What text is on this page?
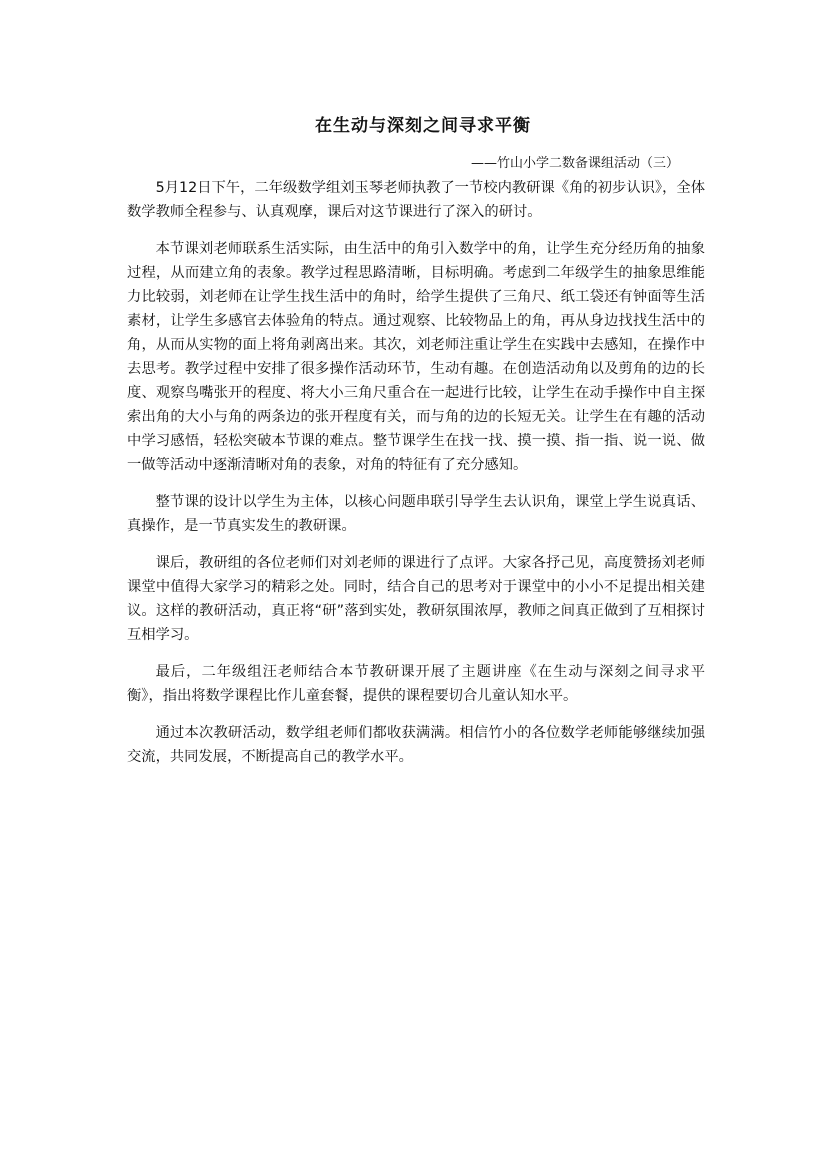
在生动与深刻之间寻求平衡
——竹山小学二数备课组活动（三）

5月12日下午，二年级数学组刘玉琴老师执教了一节校内教研课《角的初步认识》，全体数学教师全程参与、认真观摩，课后对这节课进行了深入的研讨。

本节课刘老师联系生活实际，由生活中的角引入数学中的角，让学生充分经历角的抽象过程，从而建立角的表象。教学过程思路清晰，目标明确。考虑到二年级学生的抽象思维能力比较弱，刘老师在让学生找生活中的角时，给学生提供了三角尺、纸工袋还有钟面等生活素材，让学生多感官去体验角的特点。通过观察、比较物品上的角，再从身边找找生活中的角，从而从实物的面上将角剥离出来。其次，刘老师注重让学生在实践中去感知，在操作中去思考。教学过程中安排了很多操作活动环节，生动有趣。在创造活动角以及剪角的边的长度、观察鸟嘴张开的程度、将大小三角尺重合在一起进行比较，让学生在动手操作中自主探索出角的大小与角的两条边的张开程度有关，而与角的边的长短无关。让学生在有趣的活动中学习感悟，轻松突破本节课的难点。整节课学生在找一找、摸一摸、指一指、说一说、做一做等活动中逐渐清晰对角的表象，对角的特征有了充分感知。

整节课的设计以学生为主体，以核心问题串联引导学生去认识角，课堂上学生说真话、真操作，是一节真实发生的教研课。

课后，教研组的各位老师们对刘老师的课进行了点评。大家各抒己见，高度赞扬刘老师课堂中值得大家学习的精彩之处。同时，结合自己的思考对于课堂中的小小不足提出相关建议。这样的教研活动，真正将“研”落到实处，教研氛围浓厚，教师之间真正做到了互相探讨互相学习。

最后，二年级组汪老师结合本节教研课开展了主题讲座《在生动与深刻之间寻求平衡》，指出将数学课程比作儿童套餐，提供的课程要切合儿童认知水平。

通过本次教研活动，数学组老师们都收获满满。相信竹小的各位数学老师能够继续加强交流，共同发展，不断提高自己的教学水平。
